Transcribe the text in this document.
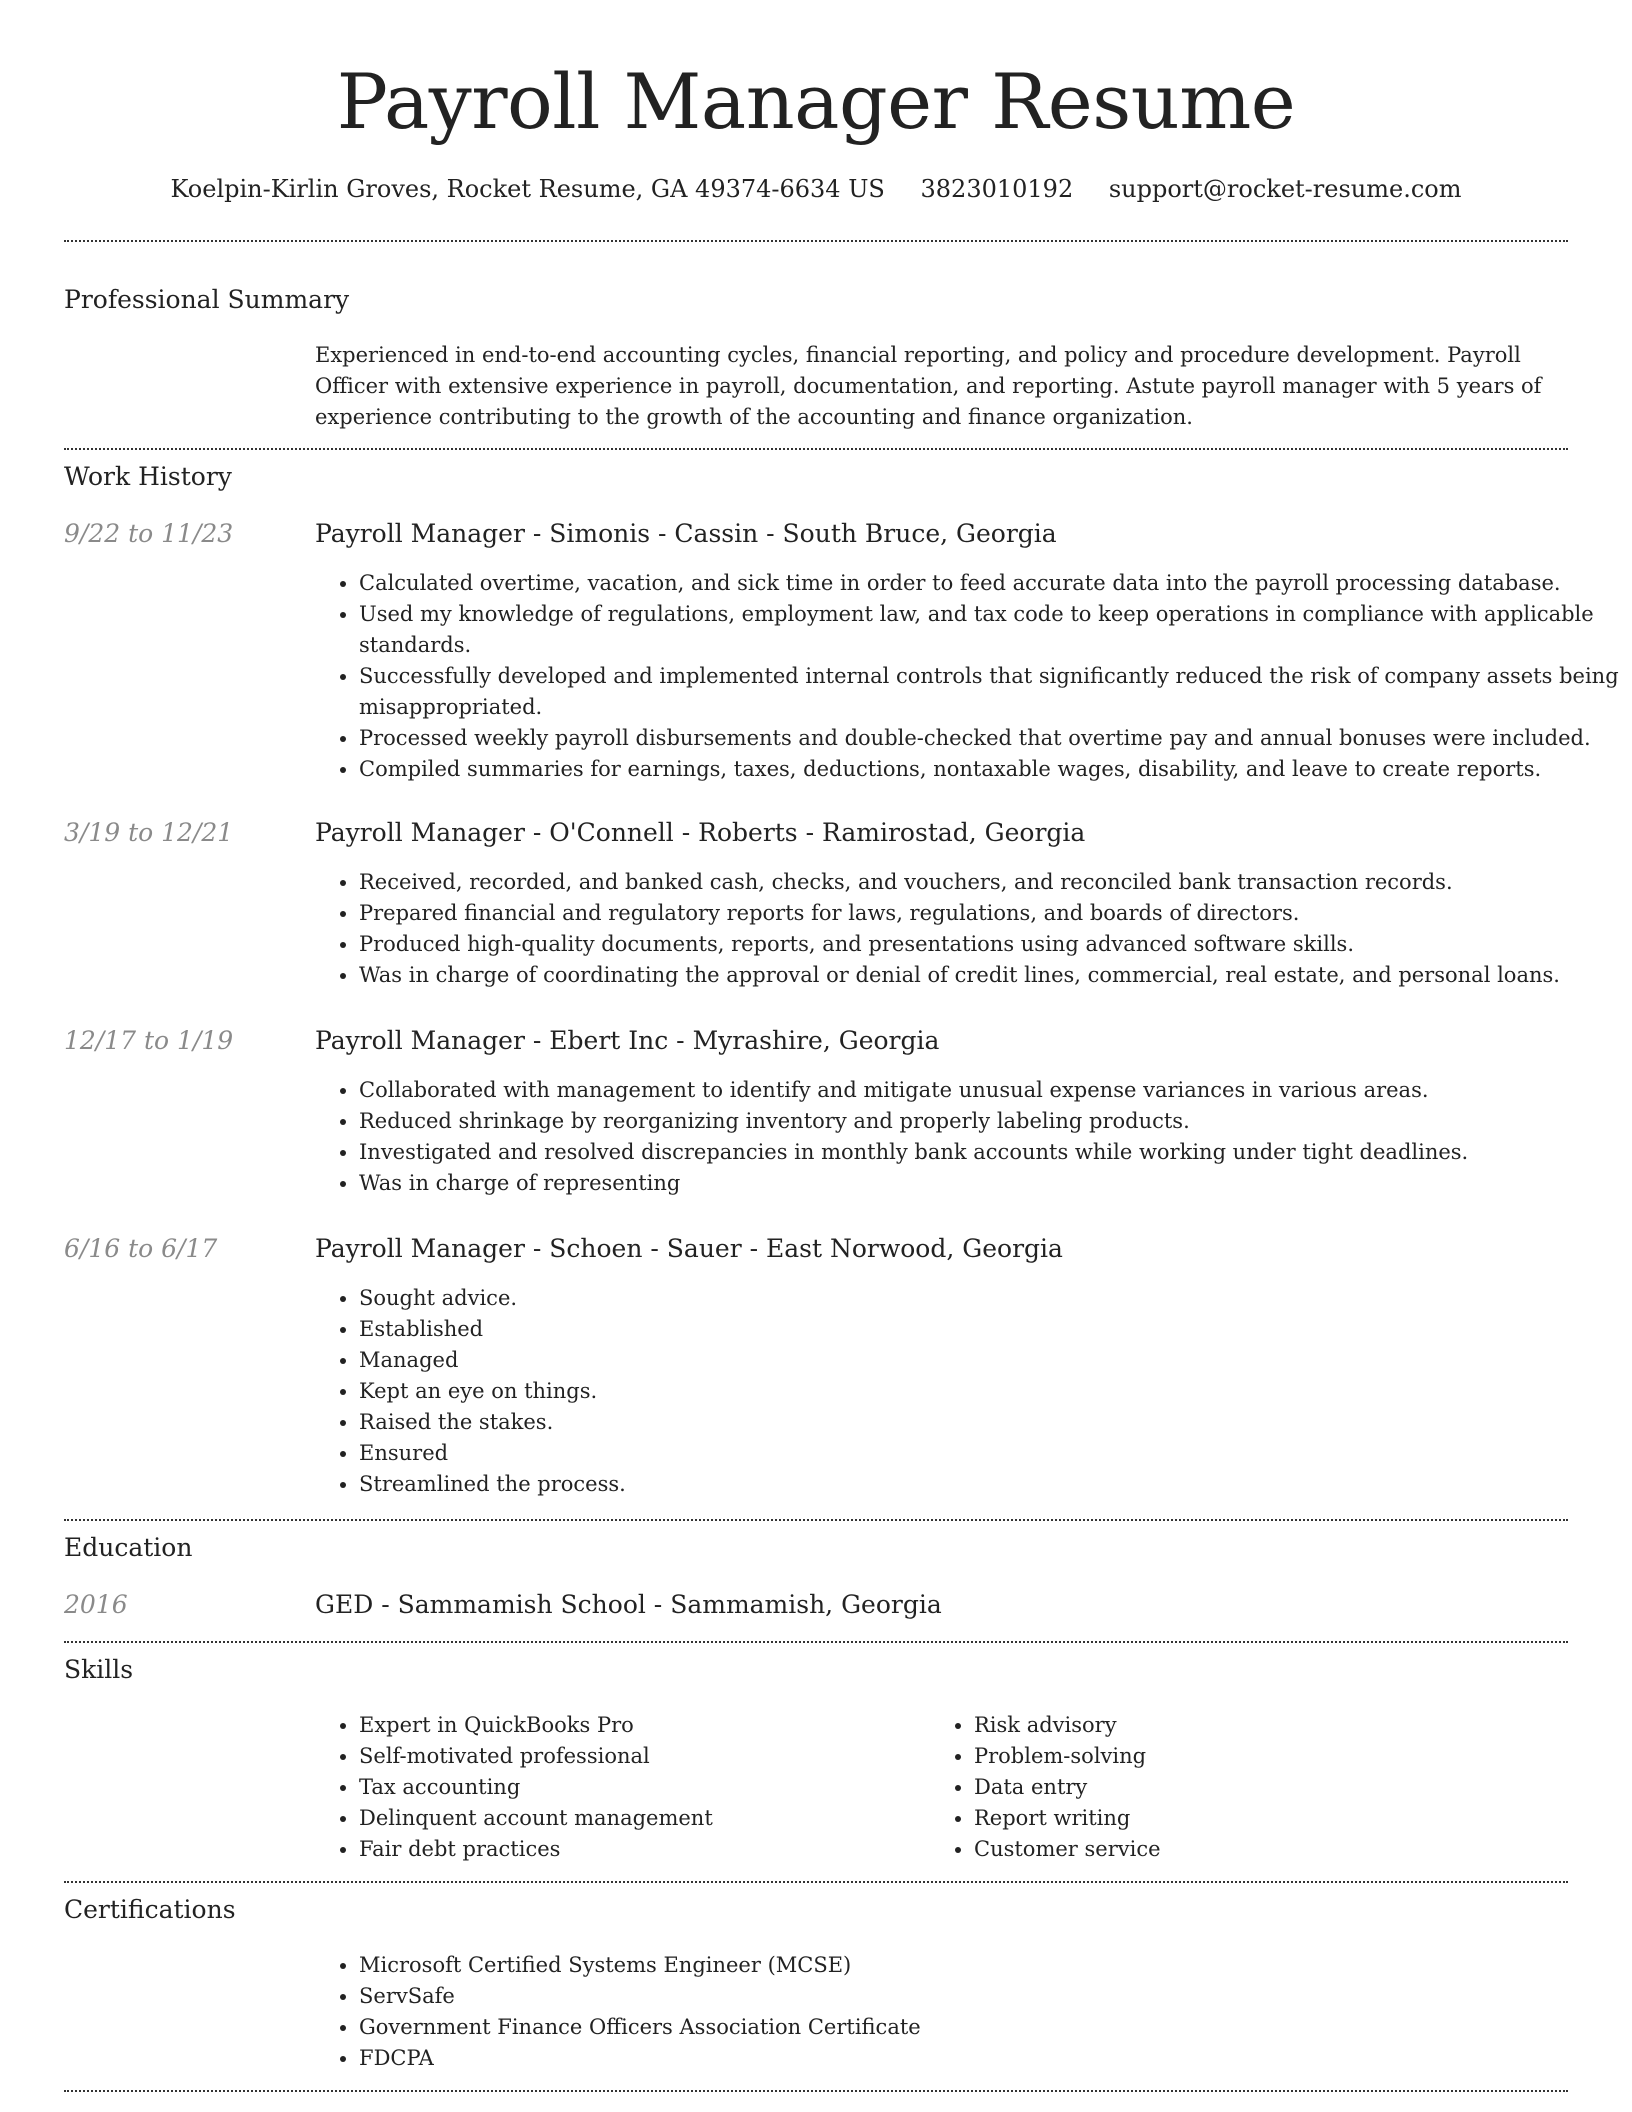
Payroll Manager Resume
Koelpin-Kirlin Groves, Rocket Resume, GA 49374-6634 US 3823010192 support@rocket-resume.com
Professional Summary
Experienced in end-to-end accounting cycles, financial reporting, and policy and procedure development. Payroll Officer with extensive experience in payroll, documentation, and reporting. Astute payroll manager with 5 years of experience contributing to the growth of the accounting and finance organization.
Work History
9/22 to 11/23	Payroll Manager - Simonis - Cassin - South Bruce, Georgia
• Calculated overtime, vacation, and sick time in order to feed accurate data into the payroll processing database.
• Used my knowledge of regulations, employment law, and tax code to keep operations in compliance with applicable standards.
• Successfully developed and implemented internal controls that significantly reduced the risk of company assets being misappropriated.
• Processed weekly payroll disbursements and double-checked that overtime pay and annual bonuses were included.
• Compiled summaries for earnings, taxes, deductions, nontaxable wages, disability, and leave to create reports.
3/19 to 12/21	Payroll Manager - O'Connell - Roberts - Ramirostad, Georgia
• Received, recorded, and banked cash, checks, and vouchers, and reconciled bank transaction records.
• Prepared financial and regulatory reports for laws, regulations, and boards of directors.
• Produced high-quality documents, reports, and presentations using advanced software skills.
• Was in charge of coordinating the approval or denial of credit lines, commercial, real estate, and personal loans.
12/17 to 1/19	Payroll Manager - Ebert Inc - Myrashire, Georgia
• Collaborated with management to identify and mitigate unusual expense variances in various areas.
• Reduced shrinkage by reorganizing inventory and properly labeling products.
• Investigated and resolved discrepancies in monthly bank accounts while working under tight deadlines.
• Was in charge of representing
6/16 to 6/17	Payroll Manager - Schoen - Sauer - East Norwood, Georgia
• Sought advice.
• Established
• Managed
• Kept an eye on things.
• Raised the stakes.
• Ensured
• Streamlined the process.
Education
2016	GED - Sammamish School - Sammamish, Georgia
Skills
• Expert in QuickBooks Pro
• Self-motivated professional
• Tax accounting
• Delinquent account management
• Fair debt practices
• Risk advisory
• Problem-solving
• Data entry
• Report writing
• Customer service
Certifications
• Microsoft Certified Systems Engineer (MCSE)
• ServSafe
• Government Finance Officers Association Certificate
• FDCPA
